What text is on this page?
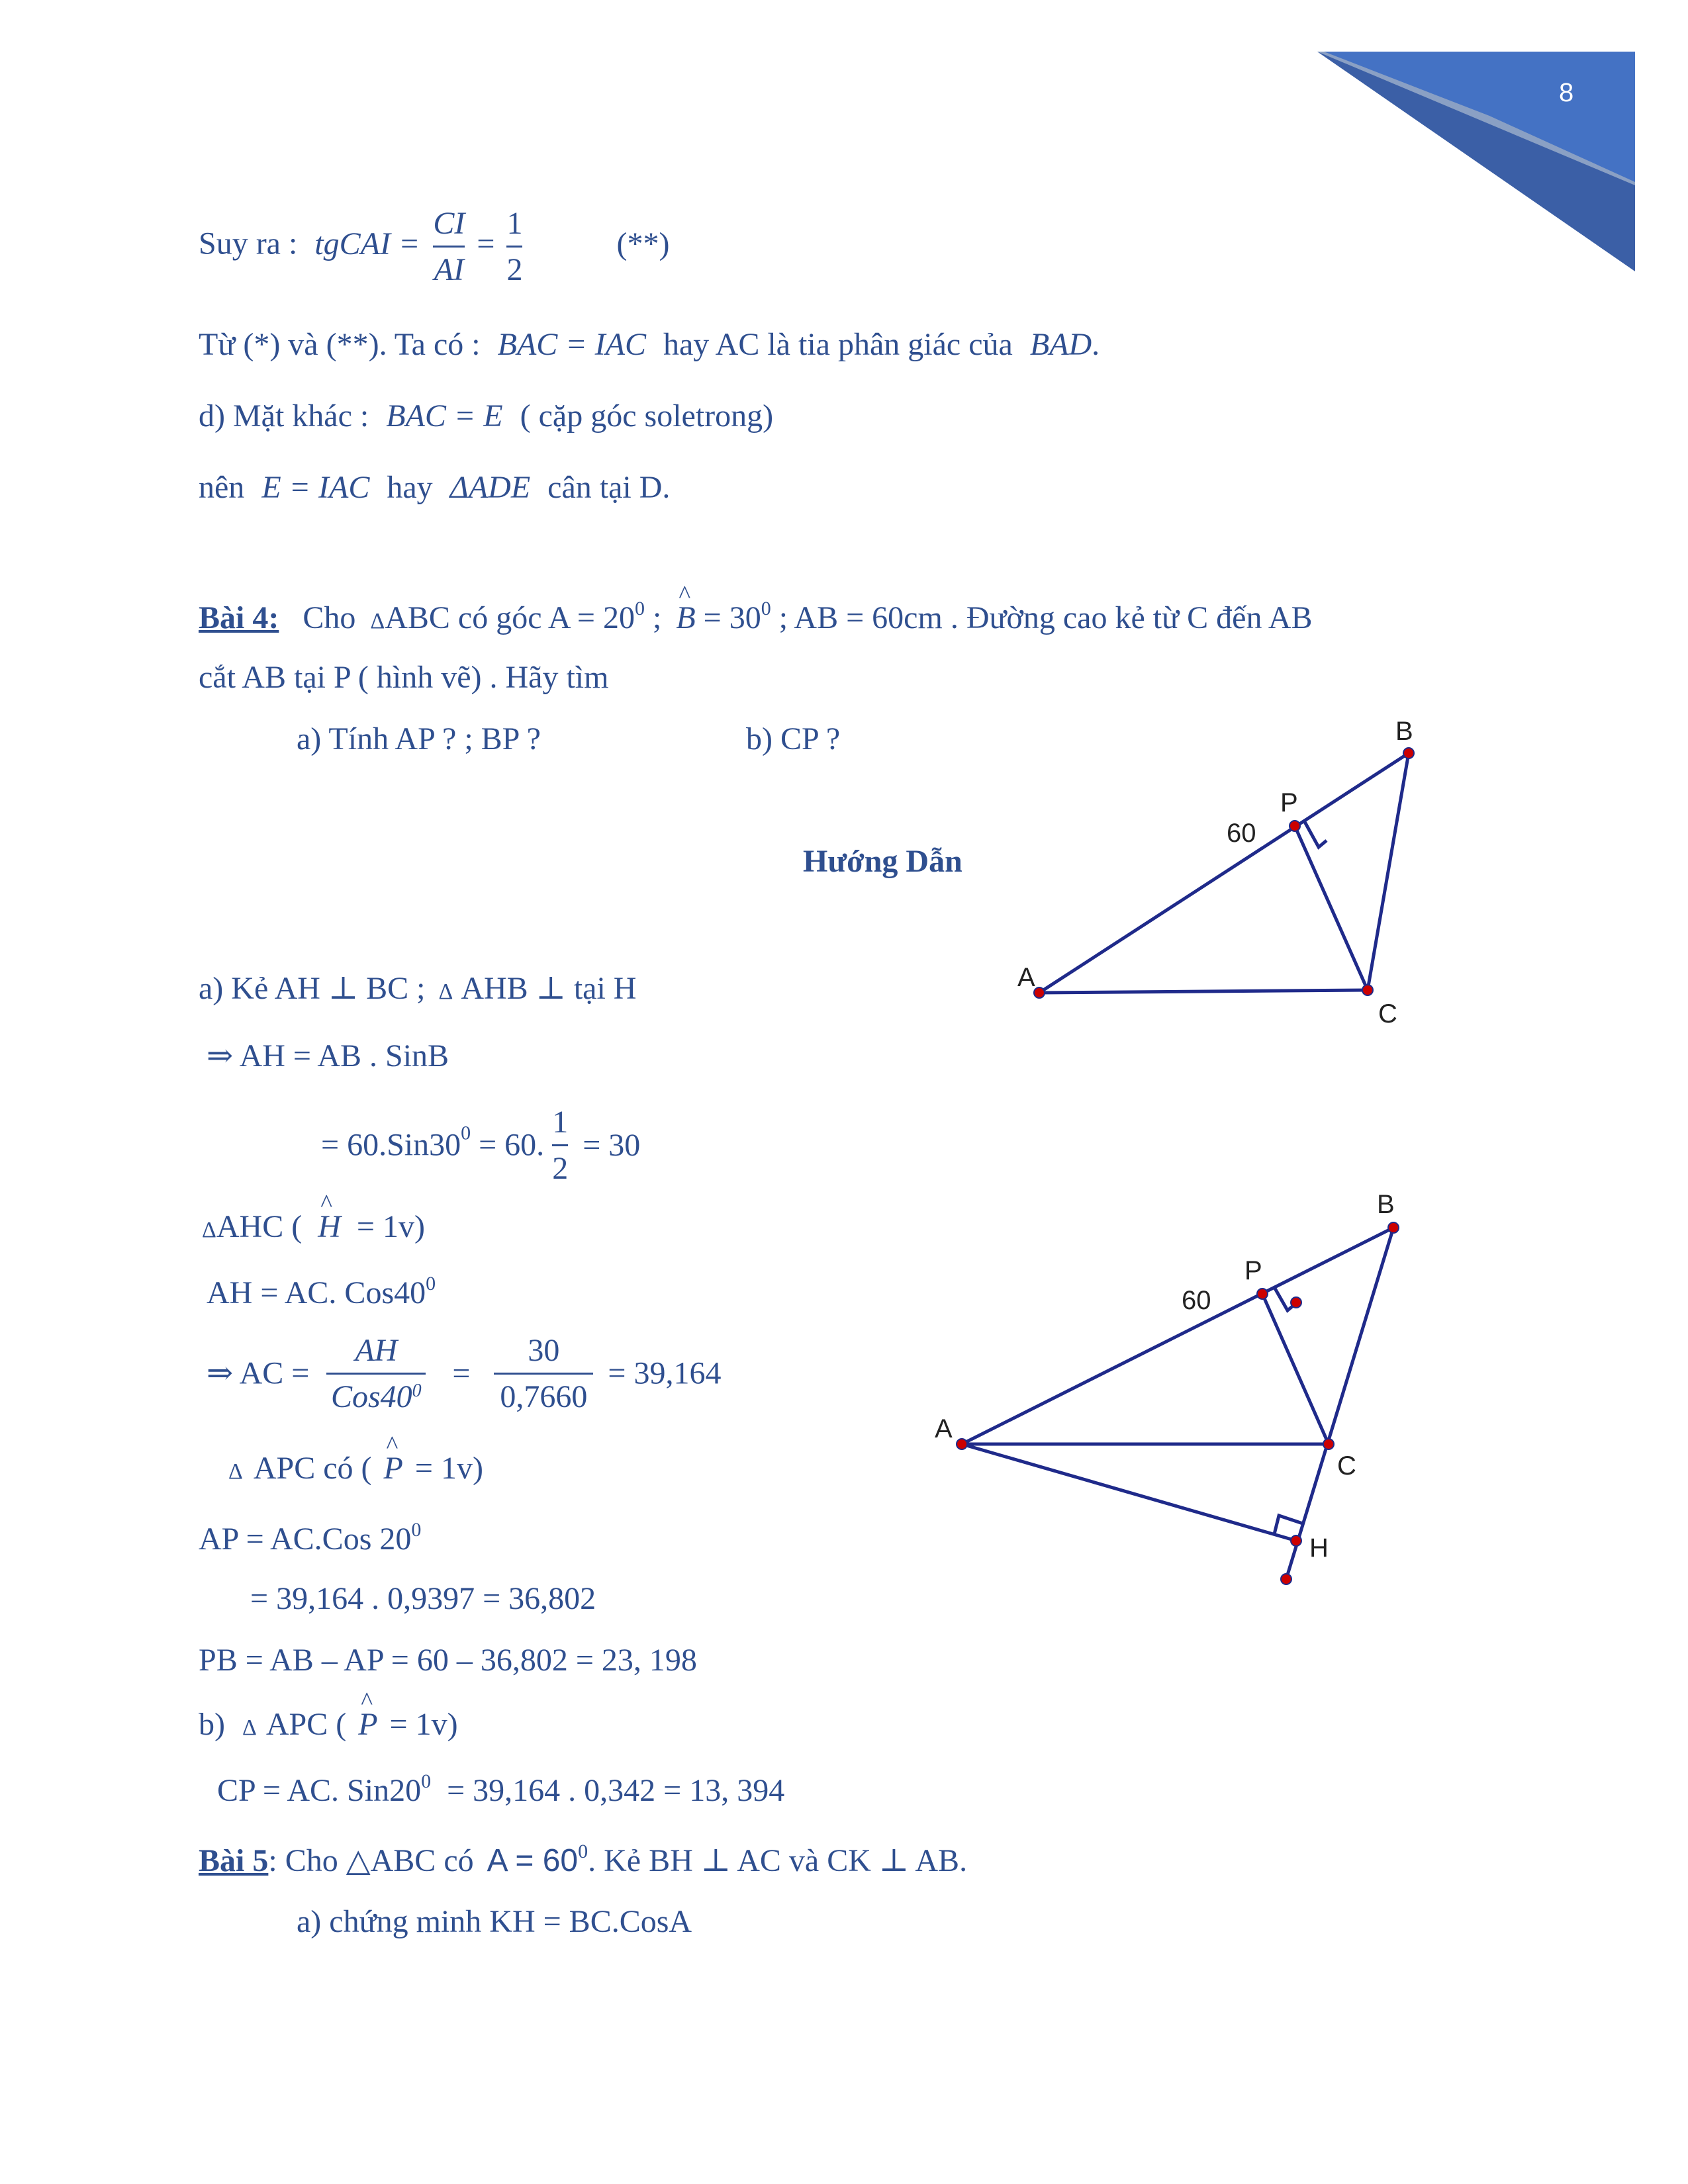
8
Suy ra : tgCAI = $\frac{CI}{AI} = \frac{1}{2}$	(**)
Từ (*) và (**). Ta có : BAC = IAC hay AC là tia phân giác của BAD.
d) Mặt khác : BAC = E ( cặp góc soletrong)
nên E = IAC hay ΔADE cân tại D.
Bài 4: Cho ΔABC có góc $A = 20^0$ ; ^ $B = 30^0$ ; AB = 60cm . Đường cao kẻ từ C đến AB
cắt AB tại P ( hình vẽ) . Hãy tìm
a) Tính AP ? ; BP ?	b) CP ?
Hướng Dẫn
A
B
C
P
60
a) Kẻ AH ⊥ BC ; Δ AHB ⊥ tại H
⇒ AH = AB . SinB
= $60.Sin30^0 = 60$. $\frac{1}{2} = 30$
ΔAHC ( ^ H = 1v)
AH = AC. $Cos40^0$
⇒ AC = $\frac{AH}{Cos40^0} = \frac{30}{0,7660} = 39,164$
Δ APC có ( ^ P = 1v)
AP = AC.Cos $20^0$
= 39,164 . 0,9397 = 36,802
PB = AB – AP = 60 – 36,802 = 23, 198
b) Δ APC ( ^ P = 1v)
CP = AC. $Sin20^0 = 39,164$ . 0,342 = 13, 394
A
B
C
P
H
60
Bài 5: Cho △ABC có $A = 60^0$. Kẻ BH ⊥ AC và CK ⊥ AB.
a) chứng minh KH = BC.CosA
